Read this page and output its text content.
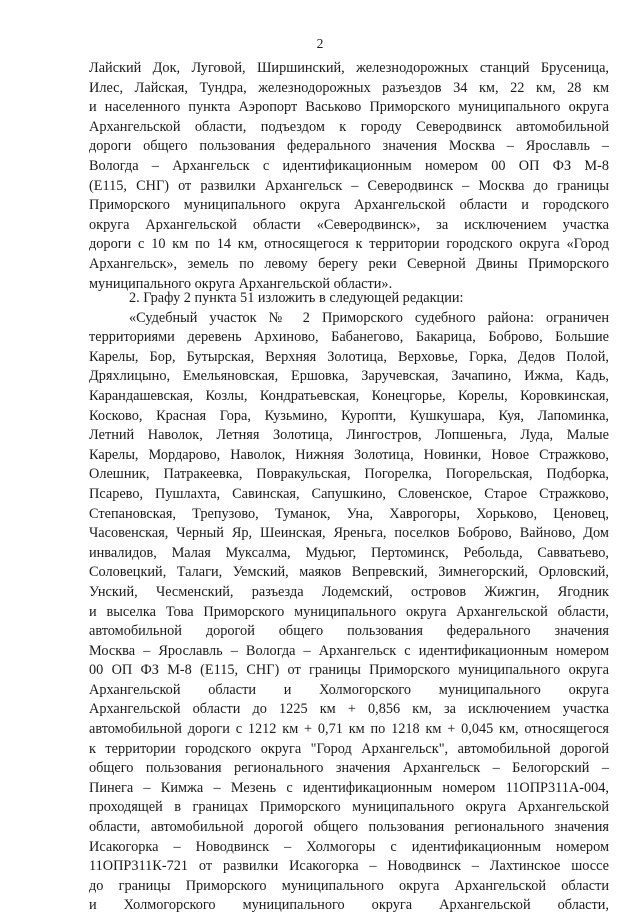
2
Лайский Док, Луговой, Ширшинский, железнодорожных станций Брусеница,
Илес, Лайская, Тундра, железнодорожных разъездов 34 км, 22 км, 28 км
и населенного пункта Аэропорт Васьково Приморского муниципального округа
Архангельской области, подъездом к городу Северодвинск автомобильной
дороги общего пользования федерального значения Москва – Ярославль –
Вологда – Архангельск с идентификационным номером 00 ОП ФЗ М-8
(Е115, СНГ) от развилки Архангельск – Северодвинск – Москва до границы
Приморского муниципального округа Архангельской области и городского
округа Архангельской области «Северодвинск», за исключением участка
дороги с 10 км по 14 км, относящегося к территории городского округа «Город
Архангельск», земель по левому берегу реки Северной Двины Приморского
муниципального округа Архангельской области».
2. Графу 2 пункта 51 изложить в следующей редакции:
«Судебный участок № 2 Приморского судебного района: ограничен
территориями деревень Архиново, Бабанегово, Бакарица, Боброво, Большие
Карелы, Бор, Бутырская, Верхняя Золотица, Верховье, Горка, Дедов Полой,
Дряхлицыно, Емельяновская, Ершовка, Заручевская, Зачапино, Ижма, Кадь,
Карандашевская, Козлы, Кондратьевская, Конецгорье, Корелы, Коровкинская,
Косково, Красная Гора, Кузьмино, Куропти, Кушкушара, Куя, Лапоминка,
Летний Наволок, Летняя Золотица, Лингостров, Лопшеньга, Луда, Малые
Карелы, Мордарово, Наволок, Нижняя Золотица, Новинки, Новое Стражково,
Олешник, Патракеевка, Повракульская, Погорелка, Погорельская, Подборка,
Псарево, Пушлахта, Савинская, Сапушкино, Словенское, Старое Стражково,
Степановская, Трепузово, Туманок, Уна, Хаврогоры, Хорьково, Ценовец,
Часовенская, Черный Яр, Шеинская, Яреньга, поселков Боброво, Вайново, Дом
инвалидов, Малая Муксалма, Мудьюг, Пертоминск, Ребольда, Савватьево,
Соловецкий, Талаги, Уемский, маяков Вепревский, Зимнегорский, Орловский,
Унский, Чесменский, разъезда Лодемский, островов Жижгин, Ягодник
и выселка Това Приморского муниципального округа Архангельской области,
автомобильной дорогой общего пользования федерального значения
Москва – Ярославль – Вологда – Архангельск с идентификационным номером
00 ОП ФЗ М-8 (Е115, СНГ) от границы Приморского муниципального округа
Архангельской области и Холмогорского муниципального округа
Архангельской области до 1225 км + 0,856 км, за исключением участка
автомобильной дороги с 1212 км + 0,71 км по 1218 км + 0,045 км, относящегося
к территории городского округа "Город Архангельск", автомобильной дорогой
общего пользования регионального значения Архангельск – Белогорский –
Пинега – Кимжа – Мезень с идентификационным номером 11ОПР311А-004,
проходящей в границах Приморского муниципального округа Архангельской
области, автомобильной дорогой общего пользования регионального значения
Исакогорка – Новодвинск – Холмогоры с идентификационным номером
11ОПР311К-721 от развилки Исакогорка – Новодвинск – Лахтинское шоссе
до границы Приморского муниципального округа Архангельской области
и Холмогорского муниципального округа Архангельской области,
